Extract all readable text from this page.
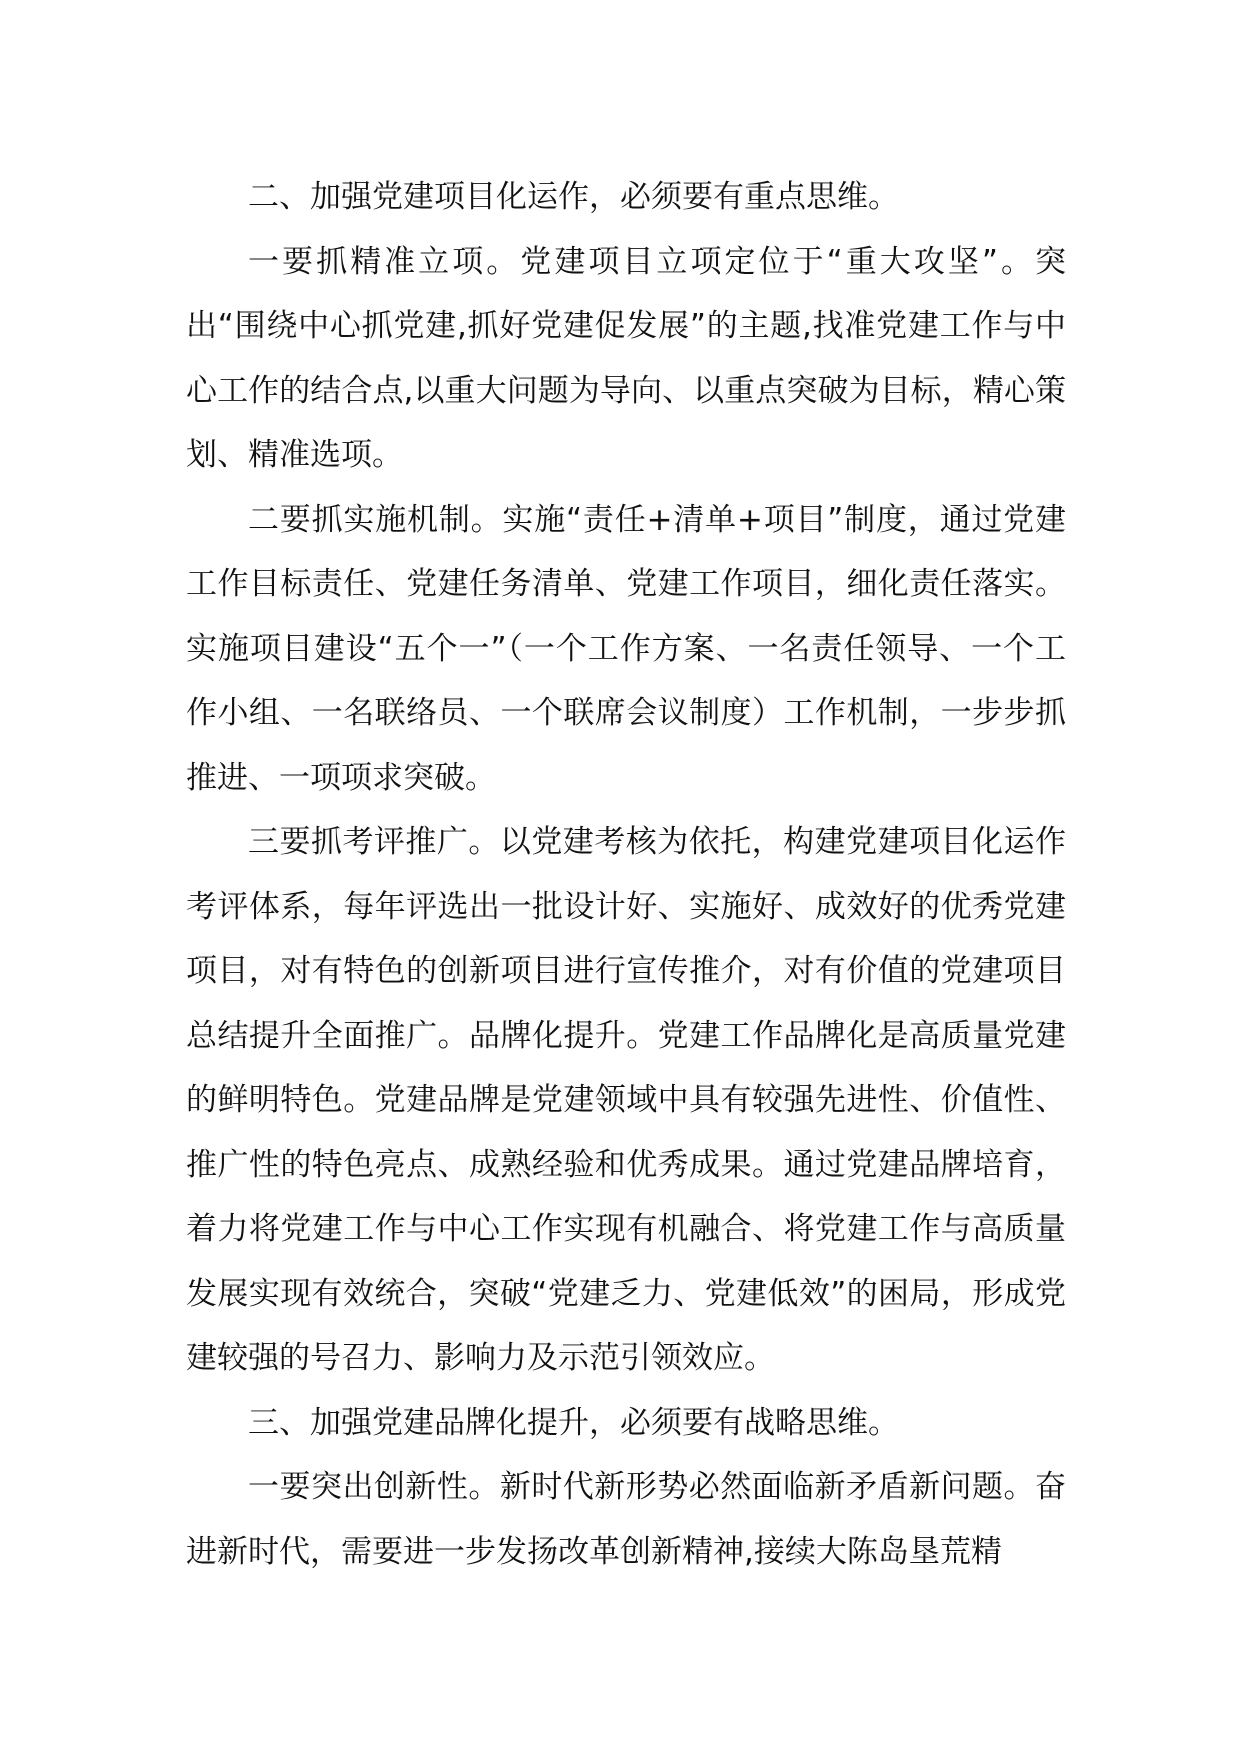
二、加强党建项目化运作，必须要有重点思维。

一要抓精准立项。党建项目立项定位于“重大攻坚”。突出“围绕中心抓党建,抓好党建促发展”的主题,找准党建工作与中心工作的结合点,以重大问题为导向、以重点突破为目标，精心策划、精准选项。

二要抓实施机制。实施“责任+清单+项目”制度，通过党建工作目标责任、党建任务清单、党建工作项目，细化责任落实。实施项目建设“五个一”（一个工作方案、一名责任领导、一个工作小组、一名联络员、一个联席会议制度）工作机制，一步步抓推进、一项项求突破。

三要抓考评推广。以党建考核为依托，构建党建项目化运作考评体系，每年评选出一批设计好、实施好、成效好的优秀党建项目，对有特色的创新项目进行宣传推介，对有价值的党建项目总结提升全面推广。品牌化提升。党建工作品牌化是高质量党建的鲜明特色。党建品牌是党建领域中具有较强先进性、价值性、推广性的特色亮点、成熟经验和优秀成果。通过党建品牌培育，着力将党建工作与中心工作实现有机融合、将党建工作与高质量发展实现有效统合，突破“党建乏力、党建低效”的困局，形成党建较强的号召力、影响力及示范引领效应。

三、加强党建品牌化提升，必须要有战略思维。

一要突出创新性。新时代新形势必然面临新矛盾新问题。奋进新时代，需要进一步发扬改革创新精神,接续大陈岛垦荒精
